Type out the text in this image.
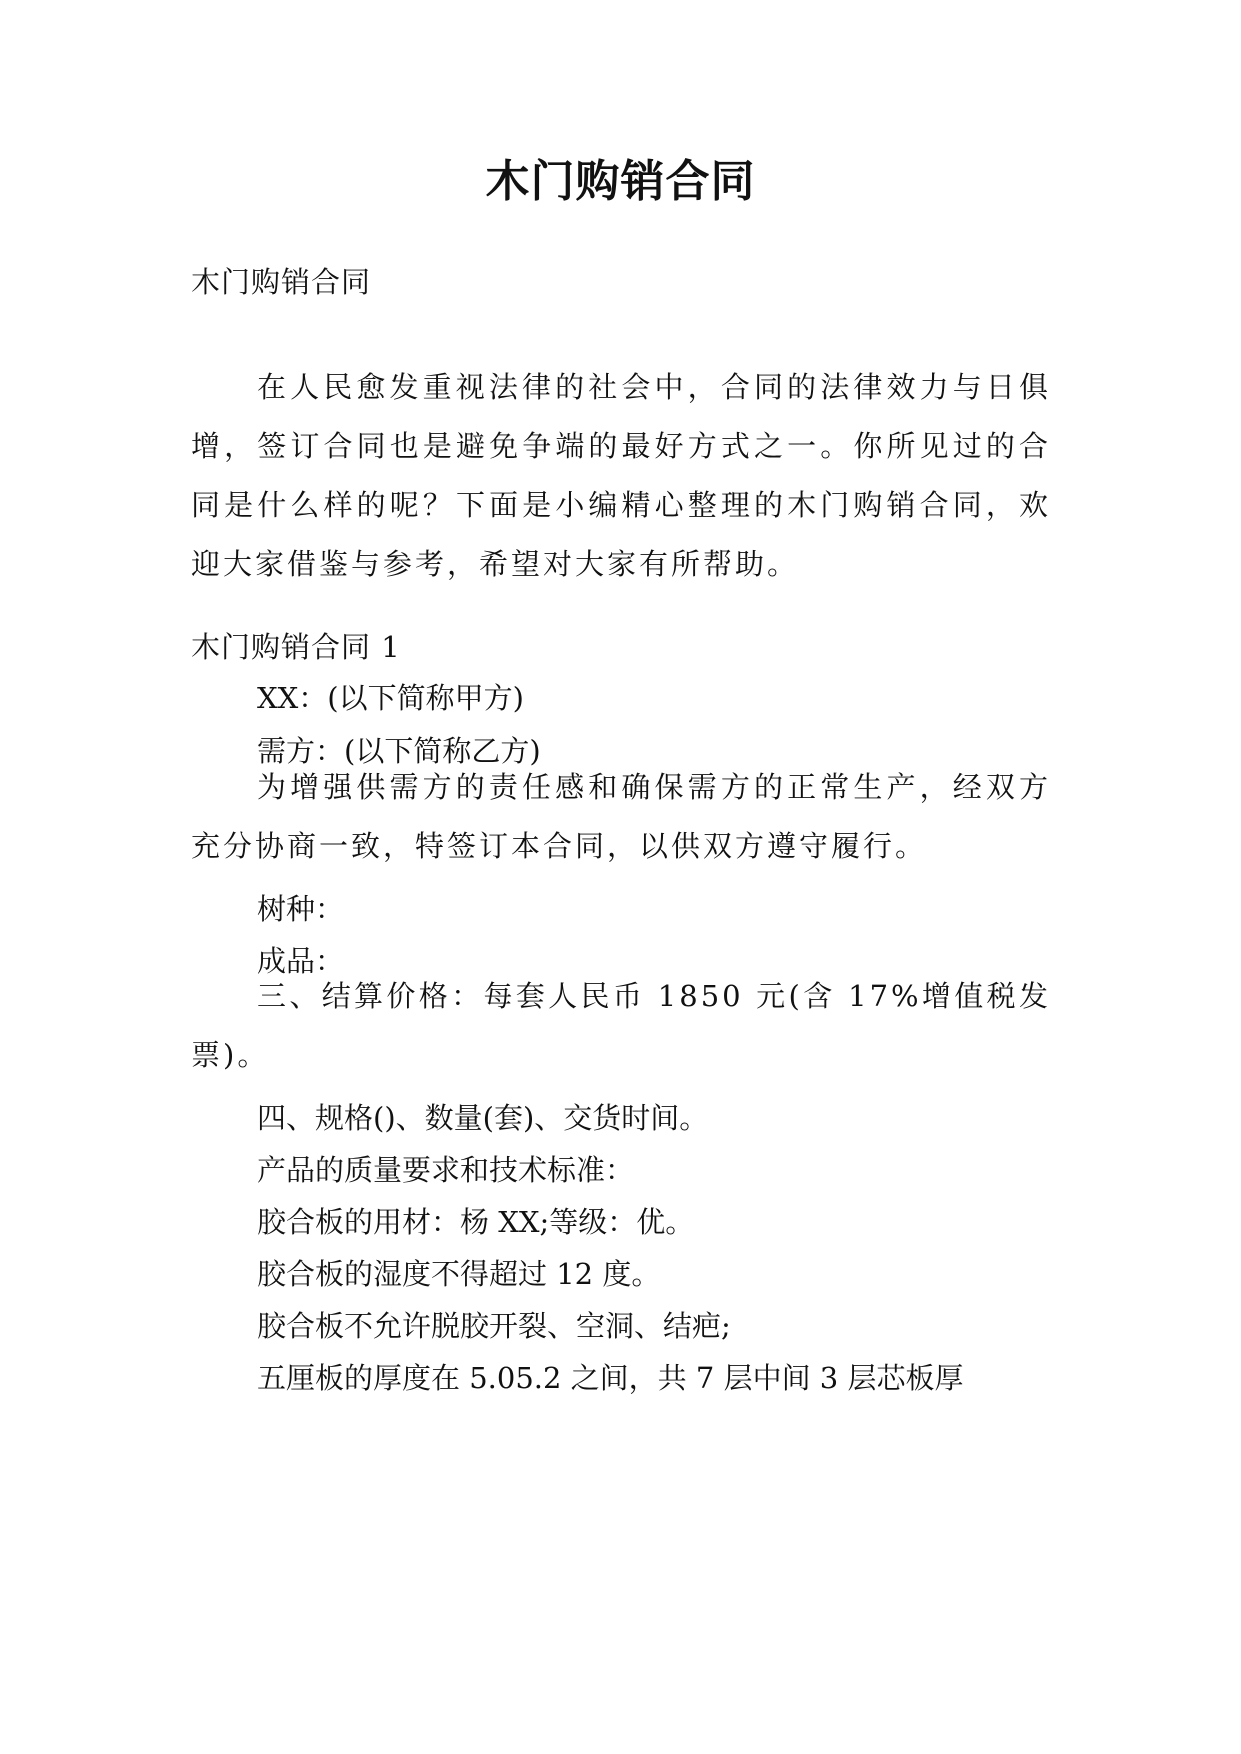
木门购销合同
木门购销合同
在人民愈发重视法律的社会中，合同的法律效力与日俱增，签订合同也是避免争端的最好方式之一。你所见过的合同是什么样的呢？下面是小编精心整理的木门购销合同，欢迎大家借鉴与参考，希望对大家有所帮助。
木门购销合同 1
XX：(以下简称甲方)
需方：(以下简称乙方)
为增强供需方的责任感和确保需方的正常生产，经双方充分协商一致，特签订本合同，以供双方遵守履行。
树种：
成品：
三、结算价格：每套人民币 1850 元(含 17%增值税发票)。
四、规格()、数量(套)、交货时间。
产品的质量要求和技术标准：
胶合板的用材：杨 XX;等级：优。
胶合板的湿度不得超过 12 度。
胶合板不允许脱胶开裂、空洞、结疤;
五厘板的厚度在 5.05.2 之间，共 7 层中间 3 层芯板厚
